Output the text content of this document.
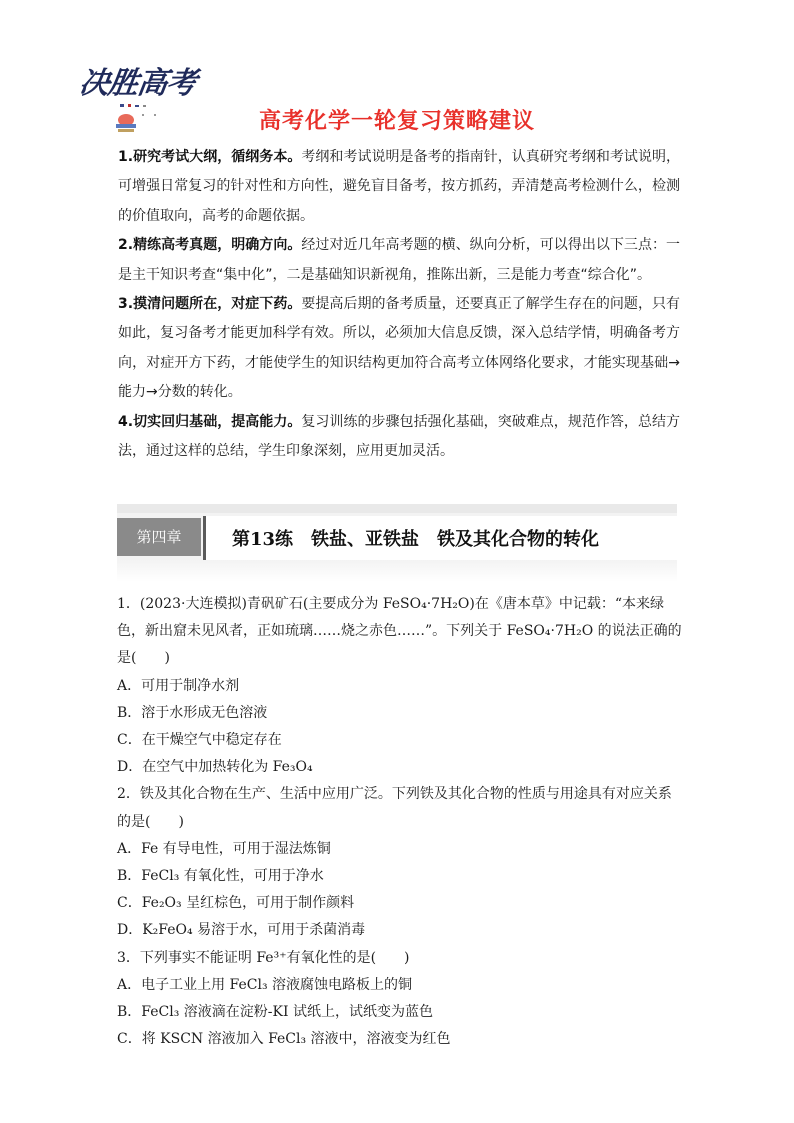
决胜高考
高考化学一轮复习策略建议

1.研究考试大纲，循纲务本。考纲和考试说明是备考的指南针，认真研究考纲和考试说明，可增强日常复习的针对性和方向性，避免盲目备考，按方抓药，弄清楚高考检测什么，检测的价值取向，高考的命题依据。

2.精练高考真题，明确方向。经过对近几年高考题的横、纵向分析，可以得出以下三点：一是主干知识考查“集中化”，二是基础知识新视角，推陈出新，三是能力考查“综合化”。

3.摸清问题所在，对症下药。要提高后期的备考质量，还要真正了解学生存在的问题，只有如此，复习备考才能更加科学有效。所以，必须加大信息反馈，深入总结学情，明确备考方向，对症开方下药，才能使学生的知识结构更加符合高考立体网络化要求，才能实现基础→能力→分数的转化。

4.切实回归基础，提高能力。复习训练的步骤包括强化基础，突破难点，规范作答，总结方法，通过这样的总结，学生印象深刻，应用更加灵活。

第四章	第13练　铁盐、亚铁盐　铁及其化合物的转化

1．(2023·大连模拟)青矾矿石(主要成分为 FeSO₄·7H₂O)在《唐本草》中记载：“本来绿色，新出窟未见风者，正如琉璃……烧之赤色……”。下列关于 FeSO₄·7H₂O 的说法正确的是(　　)

A．可用于制净水剂

B．溶于水形成无色溶液

C．在干燥空气中稳定存在

D．在空气中加热转化为 Fe₃O₄

2．铁及其化合物在生产、生活中应用广泛。下列铁及其化合物的性质与用途具有对应关系的是(　　)

A．Fe 有导电性，可用于湿法炼铜

B．FeCl₃ 有氧化性，可用于净水

C．Fe₂O₃ 呈红棕色，可用于制作颜料

D．K₂FeO₄ 易溶于水，可用于杀菌消毒

3．下列事实不能证明 Fe³⁺有氧化性的是(　　)

A．电子工业上用 FeCl₃ 溶液腐蚀电路板上的铜

B．FeCl₃ 溶液滴在淀粉-KI 试纸上，试纸变为蓝色

C．将 KSCN 溶液加入 FeCl₃ 溶液中，溶液变为红色
